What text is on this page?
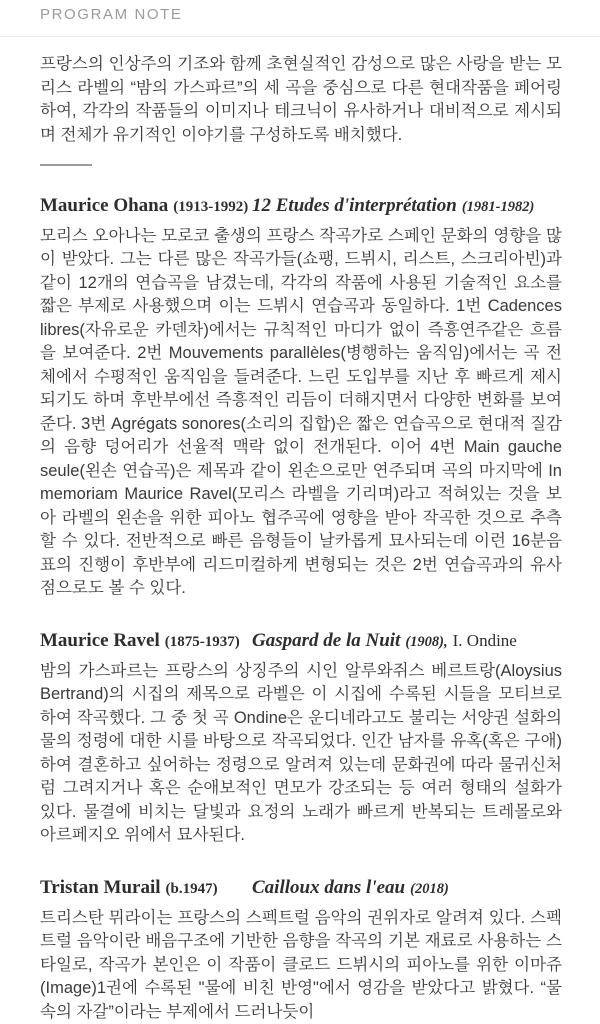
PROGRAM NOTE

프랑스의 인상주의 기조와 함께 초현실적인 감성으로 많은 사랑을 받는 모리스 라벨의 “밤의 가스파르”의 세 곡을 중심으로 다른 현대작품을 페어링하여, 각각의 작품들의 이미지나 테크닉이 유사하거나 대비적으로 제시되며 전체가 유기적인 이야기를 구성하도록 배치했다.

Maurice Ohana (1913-1992) 12 Etudes d'interprétation (1981-1982)

모리스 오아나는 모로코 출생의 프랑스 작곡가로 스페인 문화의 영향을 많이 받았다. 그는 다른 많은 작곡가들(쇼팽, 드뷔시, 리스트, 스크리아빈)과 같이 12개의 연습곡을 남겼는데, 각각의 작품에 사용된 기술적인 요소를 짧은 부제로 사용했으며 이는 드뷔시 연습곡과 동일하다. 1번 Cadences libres(자유로운 카덴차)에서는 규칙적인 마디가 없이 즉흥연주같은 흐름을 보여준다. 2번 Mouvements parallèles(병행하는 움직임)에서는 곡 전체에서 수평적인 움직임을 들려준다. 느린 도입부를 지난 후 빠르게 제시되기도 하며 후반부에선 즉흥적인 리듬이 더해지면서 다양한 변화를 보여준다. 3번 Agrégats sonores(소리의 집합)은 짧은 연습곡으로 현대적 질감의 음향 덩어리가 선율적 맥락 없이 전개된다. 이어 4번 Main gauche seule(왼손 연습곡)은 제목과 같이 왼손으로만 연주되며 곡의 마지막에 In memoriam Maurice Ravel(모리스 라벨을 기리며)라고 적혀있는 것을 보아 라벨의 왼손을 위한 피아노 협주곡에 영향을 받아 작곡한 것으로 추측할 수 있다. 전반적으로 빠른 음형들이 날카롭게 묘사되는데 이런 16분음표의 진행이 후반부에 리드미컬하게 변형되는 것은 2번 연습곡과의 유사점으로도 볼 수 있다.

Maurice Ravel (1875-1937) Gaspard de la Nuit (1908), I. Ondine

밤의 가스파르는 프랑스의 상징주의 시인 알루와쥐스 베르트랑(Aloysius Bertrand)의 시집의 제목으로 라벨은 이 시집에 수록된 시들을 모티브로 하여 작곡했다. 그 중 첫 곡 Ondine은 운디네라고도 불리는 서양권 설화의 물의 정령에 대한 시를 바탕으로 작곡되었다. 인간 남자를 유혹(혹은 구애)하여 결혼하고 싶어하는 정령으로 알려져 있는데 문화권에 따라 물귀신처럼 그려지거나 혹은 순애보적인 면모가 강조되는 등 여러 형태의 설화가 있다. 물결에 비치는 달빛과 요정의 노래가 빠르게 반복되는 트레몰로와 아르페지오 위에서 묘사된다.

Tristan Murail (b.1947)	Cailloux dans l'eau (2018)

트리스탄 뮈라이는 프랑스의 스펙트럴 음악의 권위자로 알려져 있다. 스펙트럴 음악이란 배음구조에 기반한 음향을 작곡의 기본 재료로 사용하는 스타일로, 작곡가 본인은 이 작품이 클로드 드뷔시의 피아노를 위한 이마쥬(Image)1권에 수록된 "물에 비친 반영"에서 영감을 받았다고 밝혔다. “물 속의 자갈”이라는 부제에서 드러나듯이
